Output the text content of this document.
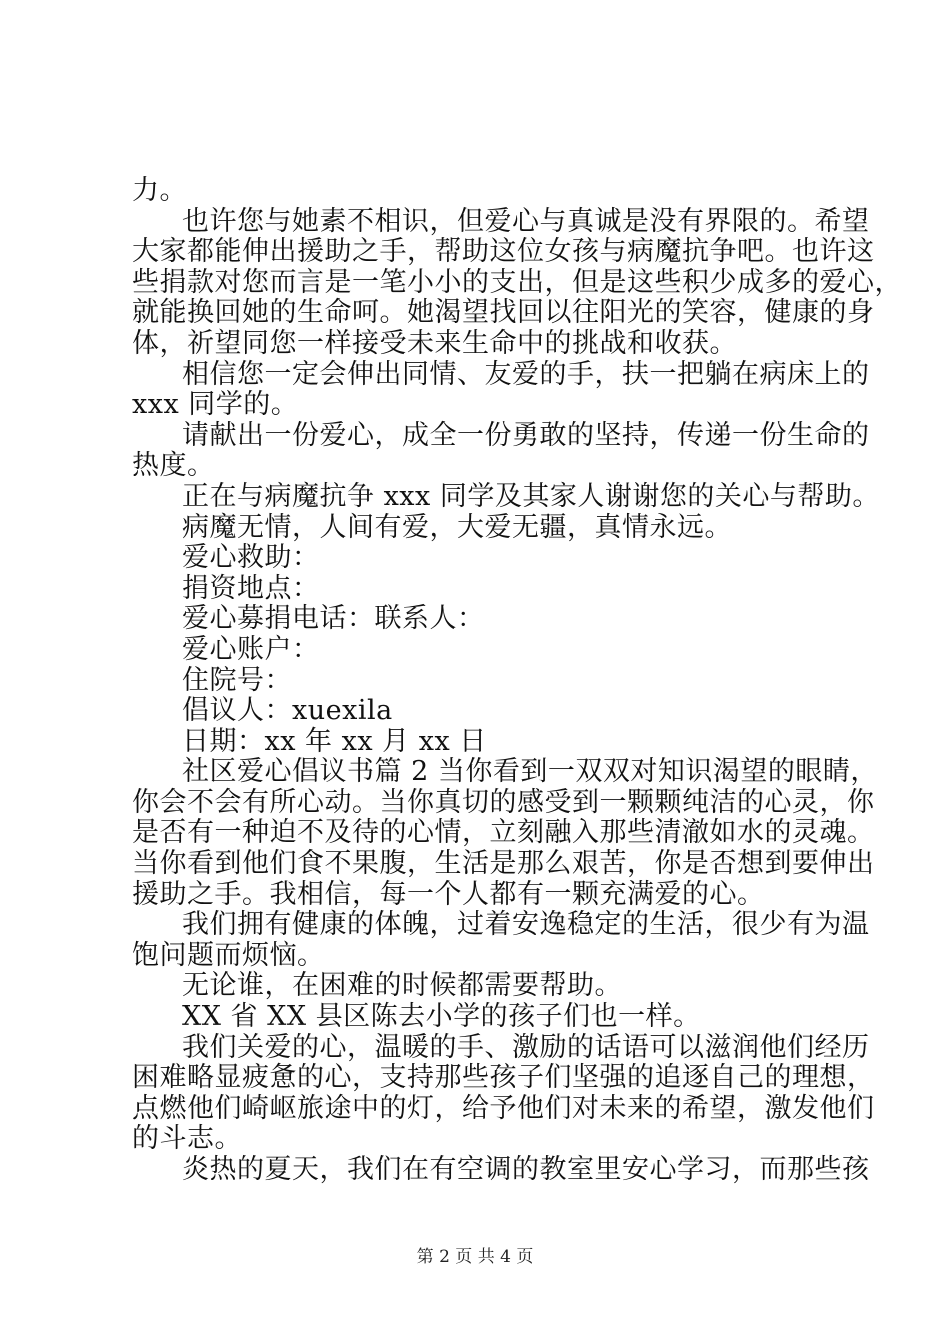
力。
也许您与她素不相识，但爱心与真诚是没有界限的。希望
大家都能伸出援助之手，帮助这位女孩与病魔抗争吧。也许这
些捐款对您而言是一笔小小的支出，但是这些积少成多的爱心，
就能换回她的生命呵。她渴望找回以往阳光的笑容，健康的身
体，祈望同您一样接受未来生命中的挑战和收获。
相信您一定会伸出同情、友爱的手，扶一把躺在病床上的
xxx 同学的。
请献出一份爱心，成全一份勇敢的坚持，传递一份生命的
热度。
正在与病魔抗争 xxx 同学及其家人谢谢您的关心与帮助。
病魔无情，人间有爱，大爱无疆，真情永远。
爱心救助：
捐资地点：
爱心募捐电话：联系人：
爱心账户：
住院号：
倡议人：xuexila
日期：xx 年 xx 月 xx 日
社区爱心倡议书篇 2 当你看到一双双对知识渴望的眼睛，
你会不会有所心动。当你真切的感受到一颗颗纯洁的心灵，你
是否有一种迫不及待的心情，立刻融入那些清澈如水的灵魂。
当你看到他们食不果腹，生活是那么艰苦，你是否想到要伸出
援助之手。我相信，每一个人都有一颗充满爱的心。
我们拥有健康的体魄，过着安逸稳定的生活，很少有为温
饱问题而烦恼。
无论谁，在困难的时候都需要帮助。
XX 省 XX 县区陈去小学的孩子们也一样。
我们关爱的心，温暖的手、激励的话语可以滋润他们经历
困难略显疲惫的心，支持那些孩子们坚强的追逐自己的理想，
点燃他们崎岖旅途中的灯，给予他们对未来的希望，激发他们
的斗志。
炎热的夏天，我们在有空调的教室里安心学习，而那些孩
第 2 页 共 4 页
